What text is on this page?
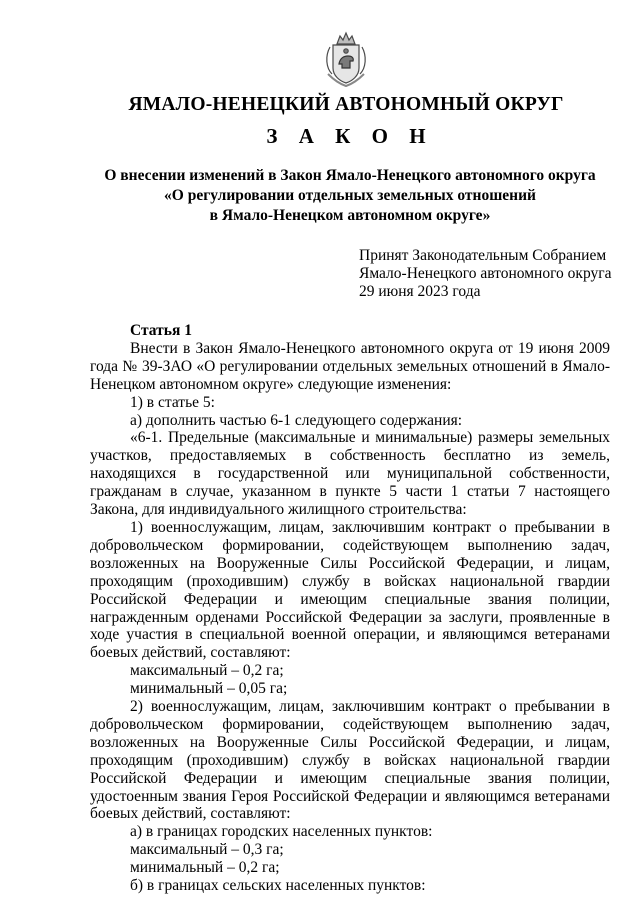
ЯМАЛО-НЕНЕЦКИЙ АВТОНОМНЫЙ ОКРУГ
З А К О Н
О внесении изменений в Закон Ямало-Ненецкого автономного округа
«О регулировании отдельных земельных отношений
в Ямало-Ненецком автономном округе»
Принят Законодательным Собранием
Ямало-Ненецкого автономного округа
29 июня 2023 года

Статья 1

Внести в Закон Ямало-Ненецкого автономного округа от 19 июня 2009 года № 39-ЗАО «О регулировании отдельных земельных отношений в Ямало-Ненецком автономном округе» следующие изменения:

1) в статье 5:

а) дополнить частью 6-1 следующего содержания:

«6-1. Предельные (максимальные и минимальные) размеры земельных участков, предоставляемых в собственность бесплатно из земель, находящихся в государственной или муниципальной собственности, гражданам в случае, указанном в пункте 5 части 1 статьи 7 настоящего Закона, для индивидуального жилищного строительства:

1) военнослужащим, лицам, заключившим контракт о пребывании в добровольческом формировании, содействующем выполнению задач, возложенных на Вооруженные Силы Российской Федерации, и лицам, проходящим (проходившим) службу в войсках национальной гвардии Российской Федерации и имеющим специальные звания полиции, награжденным орденами Российской Федерации за заслуги, проявленные в ходе участия в специальной военной операции, и являющимся ветеранами боевых действий, составляют:

максимальный – 0,2 га;

минимальный – 0,05 га;

2) военнослужащим, лицам, заключившим контракт о пребывании в добровольческом формировании, содействующем выполнению задач, возложенных на Вооруженные Силы Российской Федерации, и лицам, проходящим (проходившим) службу в войсках национальной гвардии Российской Федерации и имеющим специальные звания полиции, удостоенным звания Героя Российской Федерации и являющимся ветеранами боевых действий, составляют:

а) в границах городских населенных пунктов:

максимальный – 0,3 га;

минимальный – 0,2 га;

б) в границах сельских населенных пунктов:
